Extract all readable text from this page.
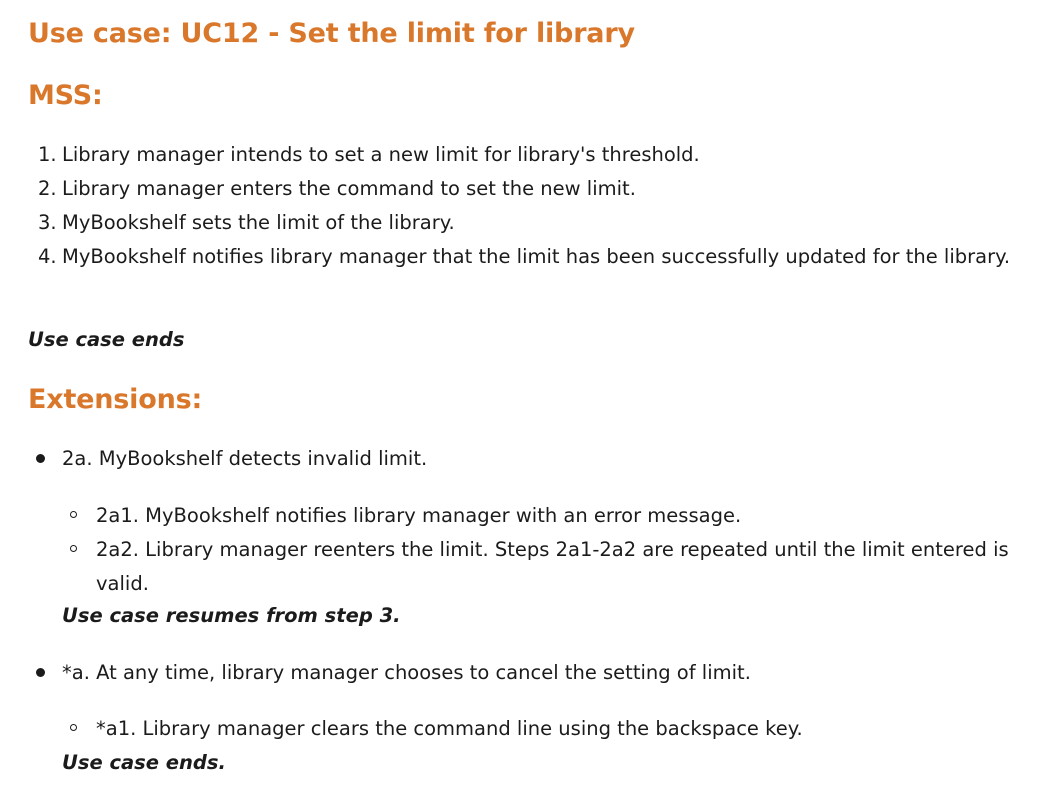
Use case: UC12 - Set the limit for library
MSS:
1. Library manager intends to set a new limit for library's threshold.
2. Library manager enters the command to set the new limit.
3. MyBookshelf sets the limit of the library.
4. MyBookshelf notifies library manager that the limit has been successfully updated for the library.

Use case ends

Extensions:
2a. MyBookshelf detects invalid limit.
2a1. MyBookshelf notifies library manager with an error message.
2a2. Library manager reenters the limit. Steps 2a1-2a2 are repeated until the limit entered is valid.

Use case resumes from step 3.

*a. At any time, library manager chooses to cancel the setting of limit.
*a1. Library manager clears the command line using the backspace key.

Use case ends.
